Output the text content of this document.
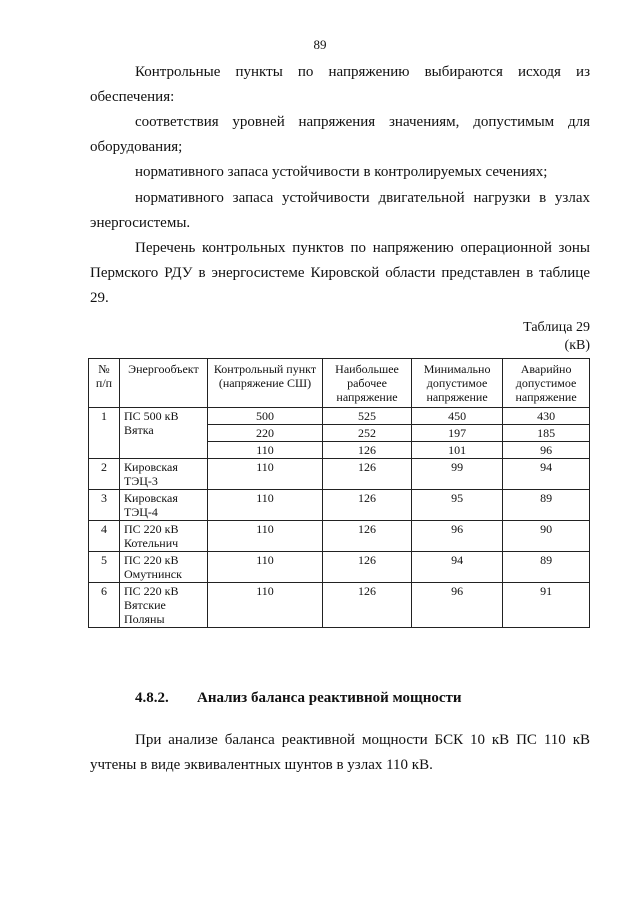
89

Контрольные пункты по напряжению выбираются исходя из обеспечения:

соответствия уровней напряжения значениям, допустимым для оборудования;

нормативного запаса устойчивости в контролируемых сечениях;

нормативного запаса устойчивости двигательной нагрузки в узлах энергосистемы.

Перечень контрольных пунктов по напряжению операционной зоны Пермского РДУ в энергосистеме Кировской области представлен в таблице 29.

Таблица 29
(кВ)
№ п/п	Энергообъект	Контрольный пункт (напряжение СШ)	Наибольшее рабочее напряжение	Минимально допустимое напряжение	Аварийно допустимое напряжение
1	ПС 500 кВ Вятка	500	525	450	430
		220	252	197	185
		110	126	101	96
2	Кировская ТЭЦ-3	110	126	99	94
3	Кировская ТЭЦ-4	110	126	95	89
4	ПС 220 кВ Котельнич	110	126	96	90
5	ПС 220 кВ Омутнинск	110	126	94	89
6	ПС 220 кВ Вятские Поляны	110	126	96	91
4.8.2. Анализ баланса реактивной мощности

При анализе баланса реактивной мощности БСК 10 кВ ПС 110 кВ учтены в виде эквивалентных шунтов в узлах 110 кВ.
